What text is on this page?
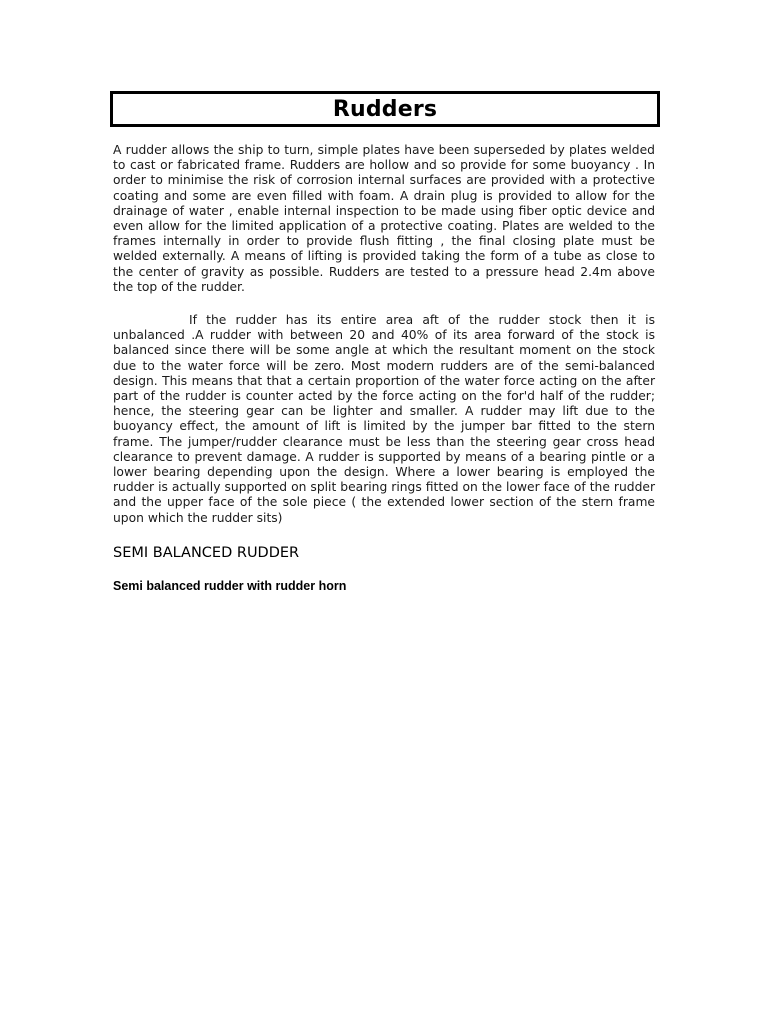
Rudders

A rudder allows the ship to turn, simple plates have been superseded by plates welded to cast or fabricated frame. Rudders are hollow and so provide for some buoyancy . In order to minimise the risk of corrosion internal surfaces are provided with a protective coating and some are even filled with foam. A drain plug is provided to allow for the drainage of water , enable internal inspection to be made using fiber optic device and even allow for the limited application of a protective coating. Plates are welded to the frames internally in order to provide flush fitting , the final closing plate must be welded externally. A means of lifting is provided taking the form of a tube as close to the center of gravity as possible. Rudders are tested to a pressure head 2.4m above the top of the rudder.

If the rudder has its entire area aft of the rudder stock then it is unbalanced .A rudder with between 20 and 40% of its area forward of the stock is balanced since there will be some angle at which the resultant moment on the stock due to the water force will be zero. Most modern rudders are of the semi-balanced design. This means that that a certain proportion of the water force acting on the after part of the rudder is counter acted by the force acting on the for'd half of the rudder; hence, the steering gear can be lighter and smaller. A rudder may lift due to the buoyancy effect, the amount of lift is limited by the jumper bar fitted to the stern frame. The jumper/rudder clearance must be less than the steering gear cross head clearance to prevent damage. A rudder is supported by means of a bearing pintle or a lower bearing depending upon the design. Where a lower bearing is employed the rudder is actually supported on split bearing rings fitted on the lower face of the rudder and the upper face of the sole piece ( the extended lower section of the stern frame upon which the rudder sits)

SEMI BALANCED RUDDER

Semi balanced rudder with rudder horn
